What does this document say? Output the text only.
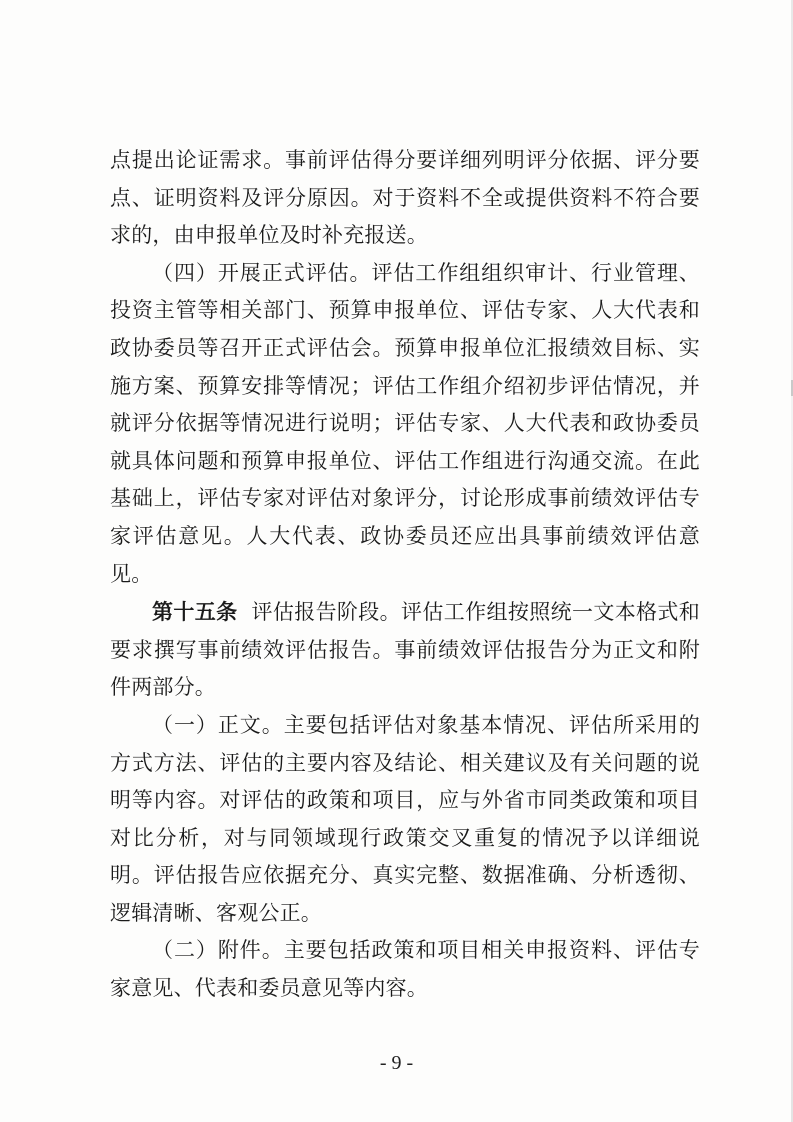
点提出论证需求。事前评估得分要详细列明评分依据、评分要点、证明资料及评分原因。对于资料不全或提供资料不符合要求的，由申报单位及时补充报送。

（四）开展正式评估。评估工作组组织审计、行业管理、投资主管等相关部门、预算申报单位、评估专家、人大代表和政协委员等召开正式评估会。预算申报单位汇报绩效目标、实施方案、预算安排等情况；评估工作组介绍初步评估情况，并就评分依据等情况进行说明；评估专家、人大代表和政协委员就具体问题和预算申报单位、评估工作组进行沟通交流。在此基础上，评估专家对评估对象评分，讨论形成事前绩效评估专家评估意见。人大代表、政协委员还应出具事前绩效评估意见。

第十五条 评估报告阶段。评估工作组按照统一文本格式和要求撰写事前绩效评估报告。事前绩效评估报告分为正文和附件两部分。

（一）正文。主要包括评估对象基本情况、评估所采用的方式方法、评估的主要内容及结论、相关建议及有关问题的说明等内容。对评估的政策和项目，应与外省市同类政策和项目对比分析，对与同领域现行政策交叉重复的情况予以详细说明。评估报告应依据充分、真实完整、数据准确、分析透彻、逻辑清晰、客观公正。

（二）附件。主要包括政策和项目相关申报资料、评估专家意见、代表和委员意见等内容。

- 9 -
